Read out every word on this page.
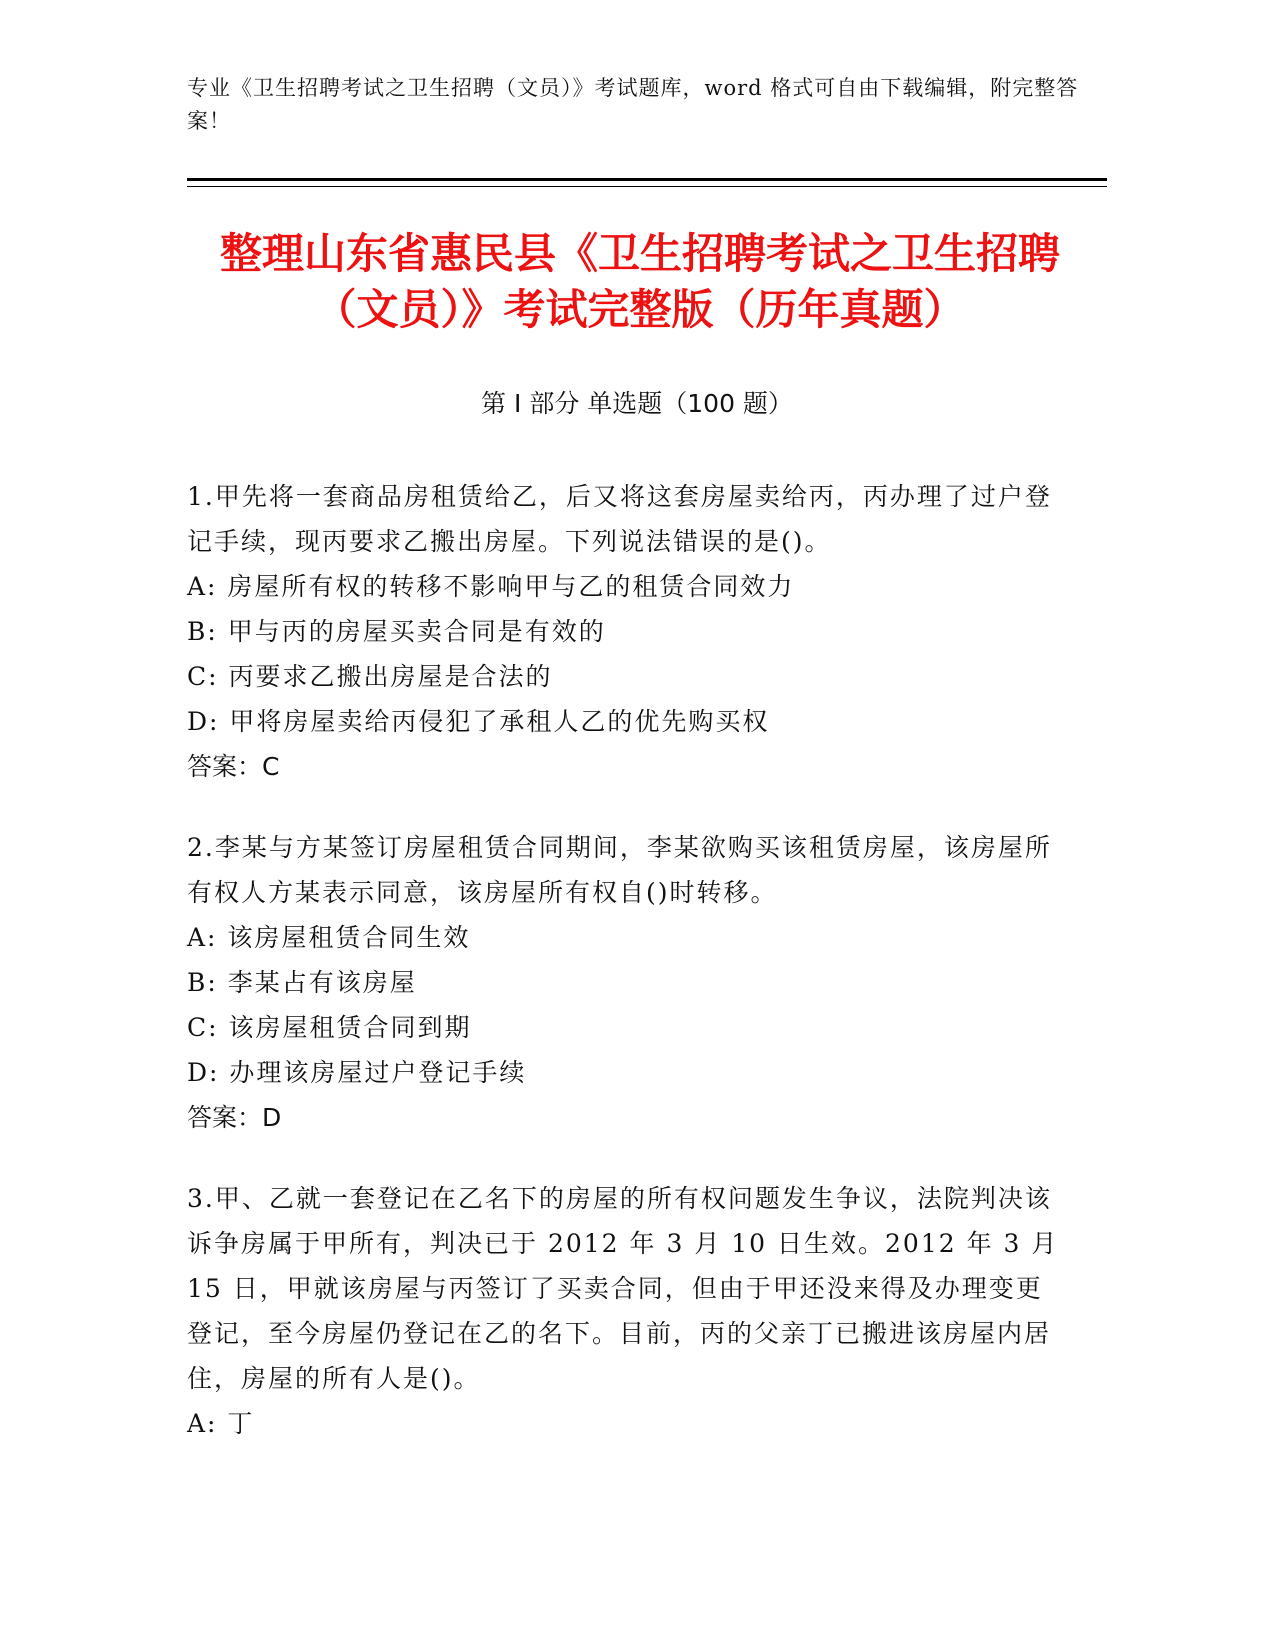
专业《卫生招聘考试之卫生招聘（文员）》考试题库，word 格式可自由下载编辑，附完整答案！
整理山东省惠民县《卫生招聘考试之卫生招聘（文员）》考试完整版（历年真题）
第 I 部分 单选题（100 题）
1.甲先将一套商品房租赁给乙，后又将这套房屋卖给丙，丙办理了过户登记手续，现丙要求乙搬出房屋。下列说法错误的是()。
A: 房屋所有权的转移不影响甲与乙的租赁合同效力
B: 甲与丙的房屋买卖合同是有效的
C: 丙要求乙搬出房屋是合法的
D: 甲将房屋卖给丙侵犯了承租人乙的优先购买权
答案：C
2.李某与方某签订房屋租赁合同期间，李某欲购买该租赁房屋，该房屋所有权人方某表示同意，该房屋所有权自()时转移。
A: 该房屋租赁合同生效
B: 李某占有该房屋
C: 该房屋租赁合同到期
D: 办理该房屋过户登记手续
答案：D
3.甲、乙就一套登记在乙名下的房屋的所有权问题发生争议，法院判决该诉争房属于甲所有，判决已于 2012 年 3 月 10 日生效。2012 年 3 月 15 日，甲就该房屋与丙签订了买卖合同，但由于甲还没来得及办理变更登记，至今房屋仍登记在乙的名下。目前，丙的父亲丁已搬进该房屋内居住，房屋的所有人是()。
A: 丁
